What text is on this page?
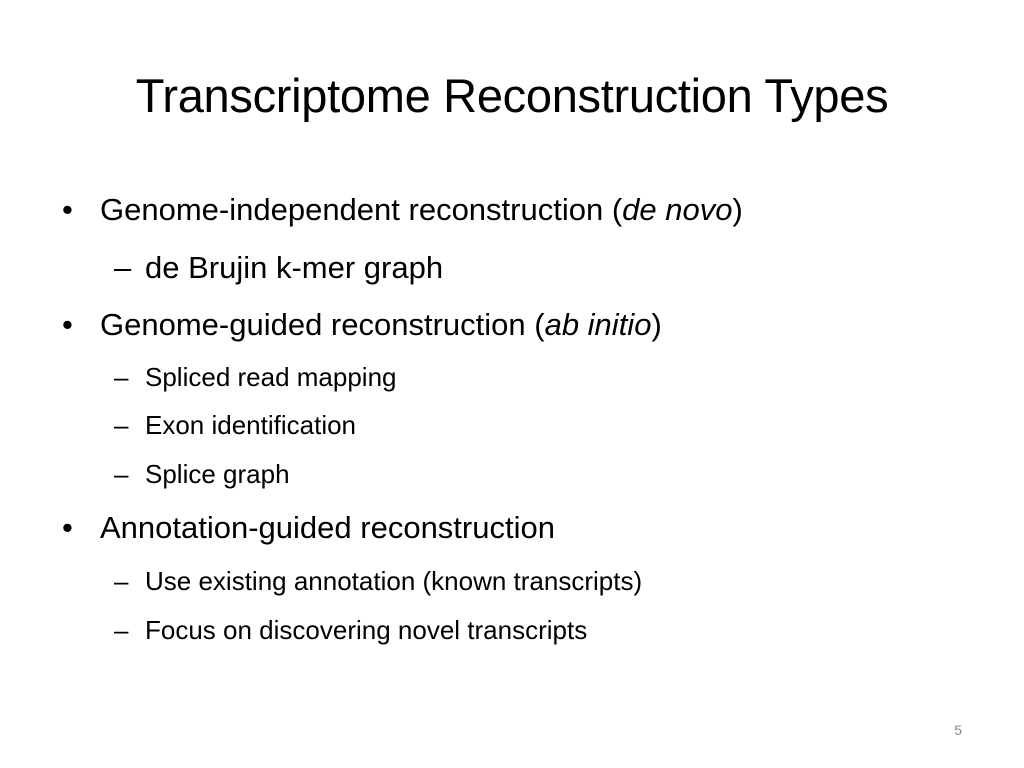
Transcriptome Reconstruction Types
• Genome-independent reconstruction (de novo)
– de Brujin k-mer graph
• Genome-guided reconstruction (ab initio)
– Spliced read mapping
– Exon identification
– Splice graph
• Annotation-guided reconstruction
– Use existing annotation (known transcripts)
– Focus on discovering novel transcripts
5
